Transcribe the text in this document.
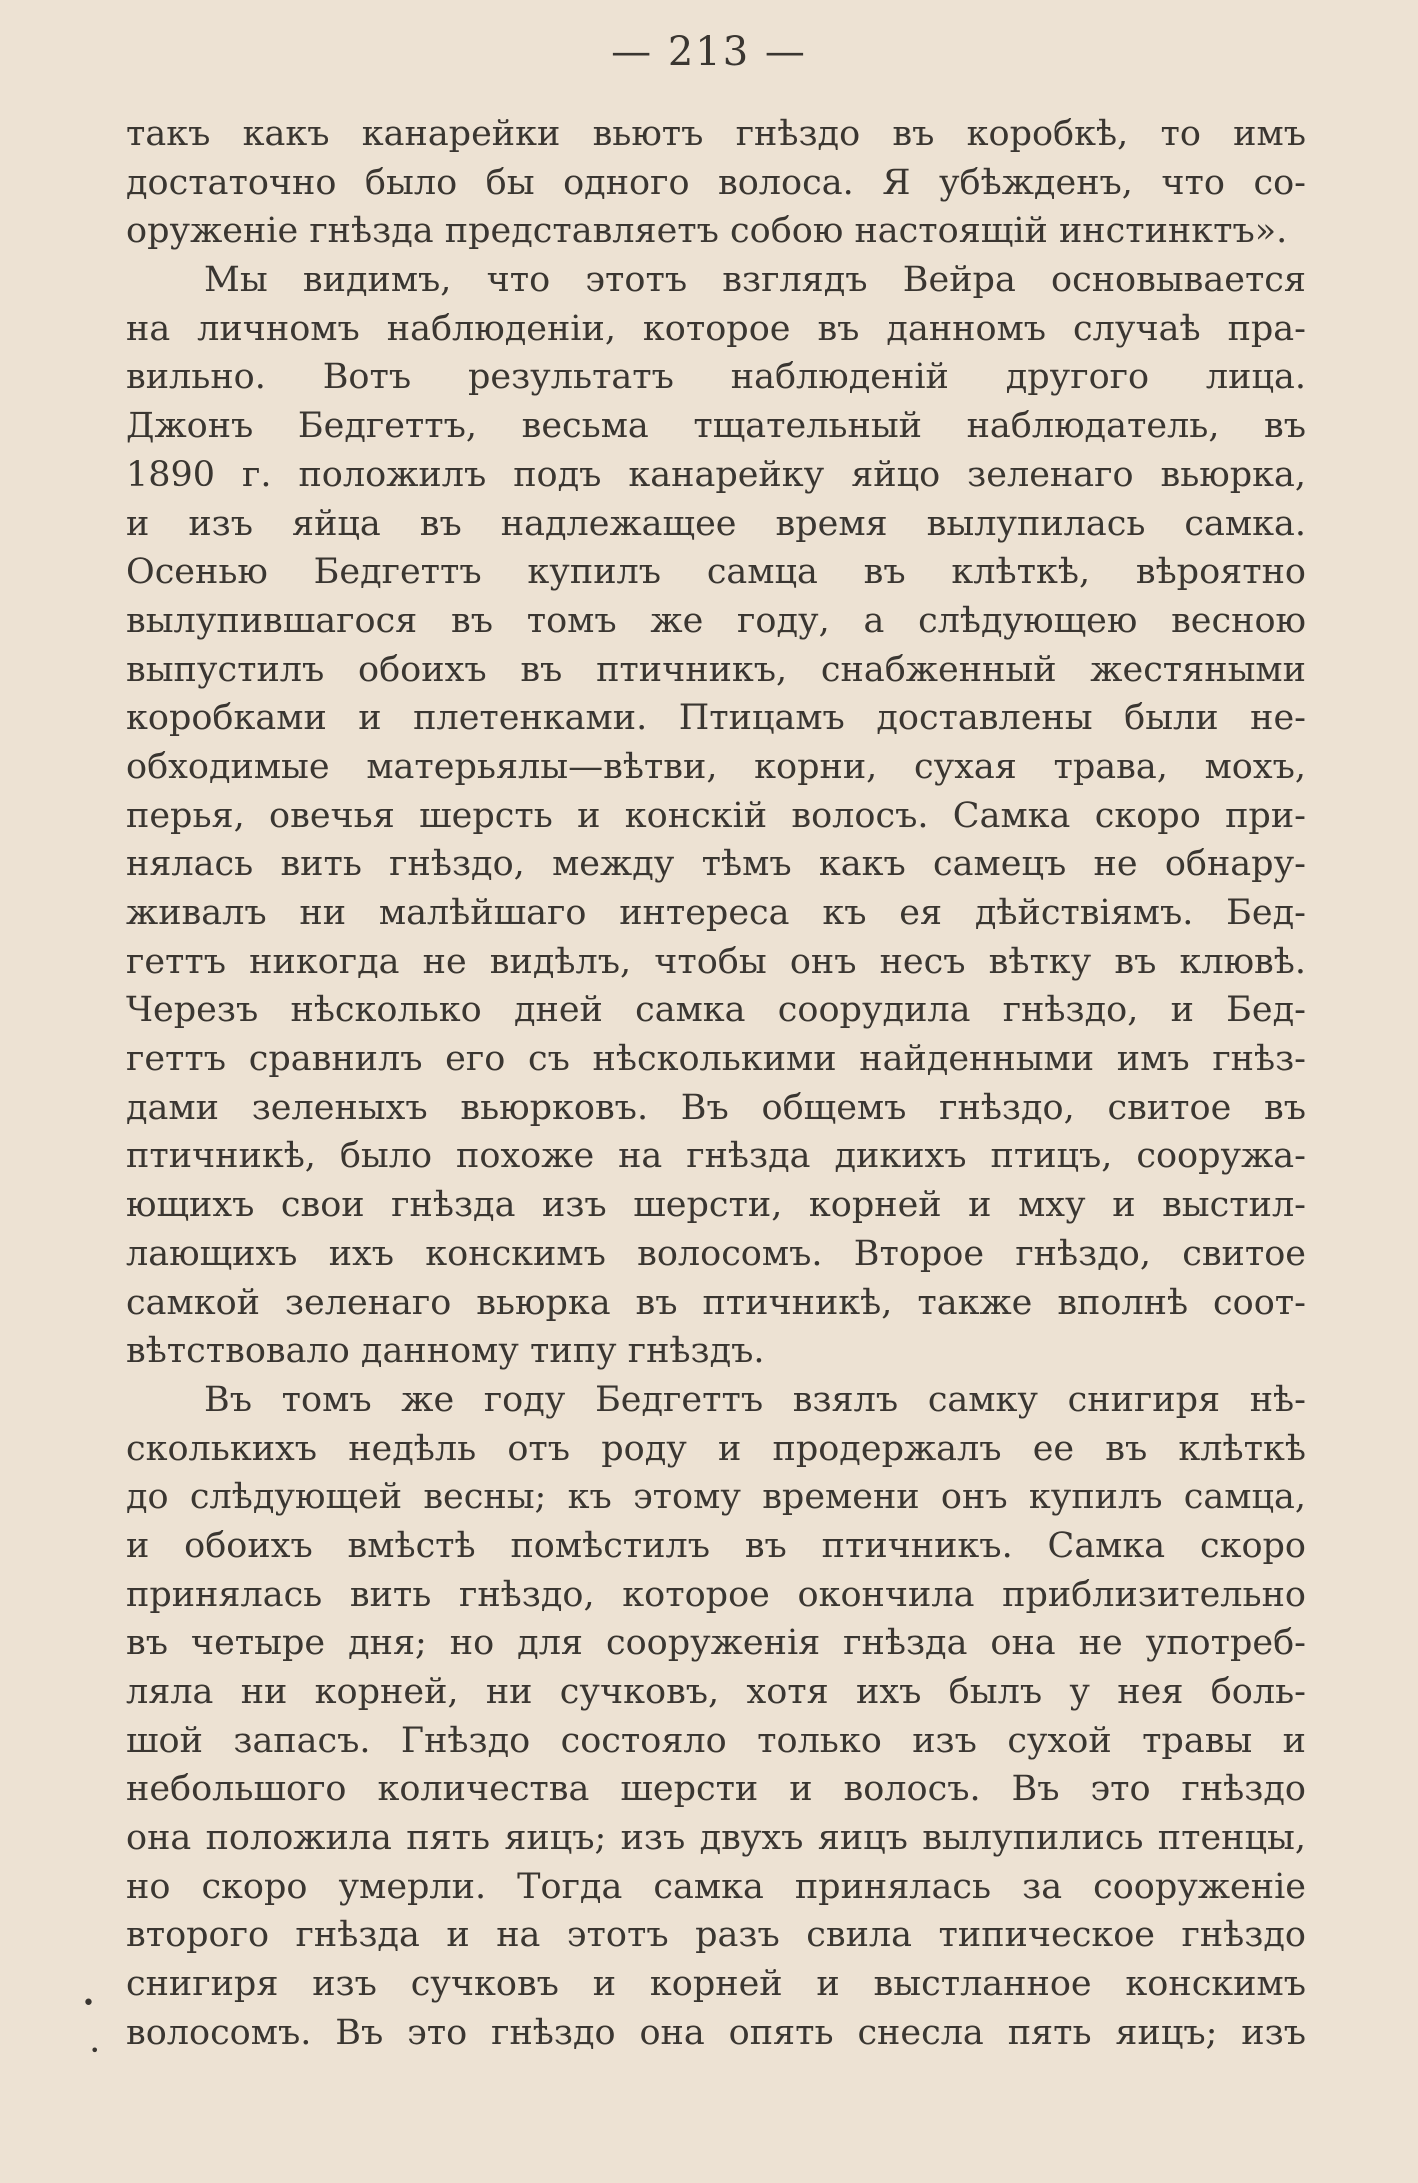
— 213 —
такъ какъ канарейки вьютъ гнѣздо въ коробкѣ, то имъ
достаточно было бы одного волоса. Я убѣжденъ, что со-
оруженіе гнѣзда представляетъ собою настоящій инстинктъ».
Мы видимъ, что этотъ взглядъ Вейра основывается
на личномъ наблюденіи, которое въ данномъ случаѣ пра-
вильно. Вотъ результатъ наблюденій другого лица.
Джонъ Бедгеттъ, весьма тщательный наблюдатель, въ
1890 г. положилъ подъ канарейку яйцо зеленаго вьюрка,
и изъ яйца въ надлежащее время вылупилась самка.
Осенью Бедгеттъ купилъ самца въ клѣткѣ, вѣроятно
вылупившагося въ томъ же году, а слѣдующею весною
выпустилъ обоихъ въ птичникъ, снабженный жестяными
коробками и плетенками. Птицамъ доставлены были не-
обходимые матерьялы—вѣтви, корни, сухая трава, мохъ,
перья, овечья шерсть и конскій волосъ. Самка скоро при-
нялась вить гнѣздо, между тѣмъ какъ самецъ не обнару-
живалъ ни малѣйшаго интереса къ ея дѣйствіямъ. Бед-
геттъ никогда не видѣлъ, чтобы онъ несъ вѣтку въ клювѣ.
Черезъ нѣсколько дней самка соорудила гнѣздо, и Бед-
геттъ сравнилъ его съ нѣсколькими найденными имъ гнѣз-
дами зеленыхъ вьюрковъ. Въ общемъ гнѣздо, свитое въ
птичникѣ, было похоже на гнѣзда дикихъ птицъ, сооружа-
ющихъ свои гнѣзда изъ шерсти, корней и мху и выстил-
лающихъ ихъ конскимъ волосомъ. Второе гнѣздо, свитое
самкой зеленаго вьюрка въ птичникѣ, также вполнѣ соот-
вѣтствовало данному типу гнѣздъ.
Въ томъ же году Бедгеттъ взялъ самку снигиря нѣ-
сколькихъ недѣль отъ роду и продержалъ ее въ клѣткѣ
до слѣдующей весны; къ этому времени онъ купилъ самца,
и обоихъ вмѣстѣ помѣстилъ въ птичникъ. Самка скоро
принялась вить гнѣздо, которое окончила приблизительно
въ четыре дня; но для сооруженія гнѣзда она не употреб-
ляла ни корней, ни сучковъ, хотя ихъ былъ у нея боль-
шой запасъ. Гнѣздо состояло только изъ сухой травы и
небольшого количества шерсти и волосъ. Въ это гнѣздо
она положила пять яицъ; изъ двухъ яицъ вылупились птенцы,
но скоро умерли. Тогда самка принялась за сооруженіе
второго гнѣзда и на этотъ разъ свила типическое гнѣздо
снигиря изъ сучковъ и корней и выстланное конскимъ
волосомъ. Въ это гнѣздо она опять снесла пять яицъ; изъ
•
•
